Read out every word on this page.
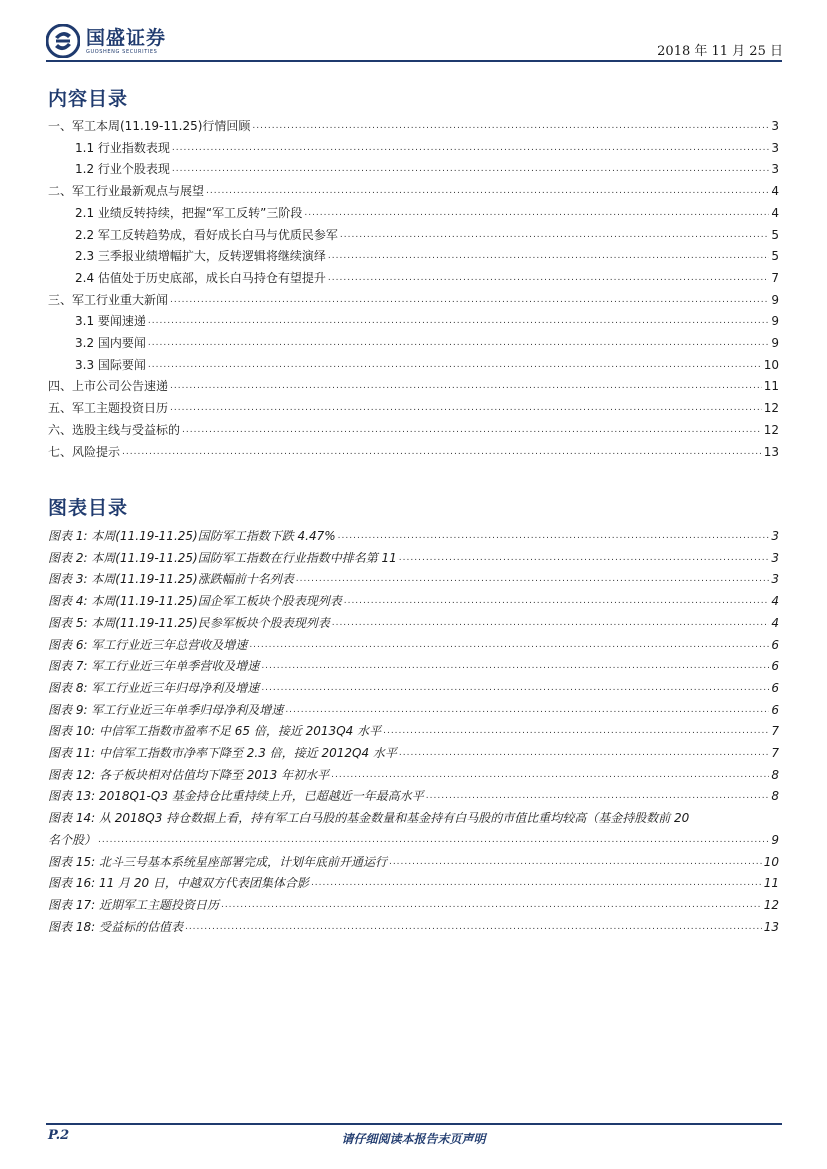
国盛证券
GUOSHENG SECURITIES	2018 年 11 月 25 日
内容目录
一、军工本周(11.19-11.25)行情回顾 .....	3
1.1 行业指数表现 .....	3
1.2 行业个股表现 .....	3
二、军工行业最新观点与展望 .....	4
2.1 业绩反转持续，把握“军工反转”三阶段 .....	4
2.2 军工反转趋势成，看好成长白马与优质民参军 .....	5
2.3 三季报业绩增幅扩大，反转逻辑将继续演绎 .....	5
2.4 估值处于历史底部，成长白马持仓有望提升 .....	7
三、军工行业重大新闻 .....	9
3.1 要闻速递 .....	9
3.2 国内要闻 .....	9
3.3 国际要闻 .....	10
四、上市公司公告速递 .....	11
五、军工主题投资日历 .....	12
六、选股主线与受益标的 .....	12
七、风险提示 .....	13
图表目录
图表 1: 本周(11.19-11.25)国防军工指数下跌 4.47% .....	3
图表 2: 本周(11.19-11.25)国防军工指数在行业指数中排名第 11 .....	3
图表 3: 本周(11.19-11.25)涨跌幅前十名列表 .....	3
图表 4: 本周(11.19-11.25)国企军工板块个股表现列表 .....	4
图表 5: 本周(11.19-11.25)民参军板块个股表现列表 .....	4
图表 6: 军工行业近三年总营收及增速 .....	6
图表 7: 军工行业近三年单季营收及增速 .....	6
图表 8: 军工行业近三年归母净利及增速 .....	6
图表 9: 军工行业近三年单季归母净利及增速 .....	6
图表 10: 中信军工指数市盈率不足 65 倍，接近 2013Q4 水平 .....	7
图表 11: 中信军工指数市净率下降至 2.3 倍，接近 2012Q4 水平 .....	7
图表 12: 各子板块相对估值均下降至 2013 年初水平 .....	8
图表 13: 2018Q1-Q3 基金持仓比重持续上升，已超越近一年最高水平 .....	8
图表 14: 从 2018Q3 持仓数据上看，持有军工白马股的基金数量和基金持有白马股的市值比重均较高（基金持股数前 20
名个股） .....	9
图表 15: 北斗三号基本系统星座部署完成，计划年底前开通运行 .....	10
图表 16: 11 月 20 日，中越双方代表团集体合影 .....	11
图表 17: 近期军工主题投资日历 .....	12
图表 18: 受益标的估值表 .....	13
P.2	请仔细阅读本报告末页声明
